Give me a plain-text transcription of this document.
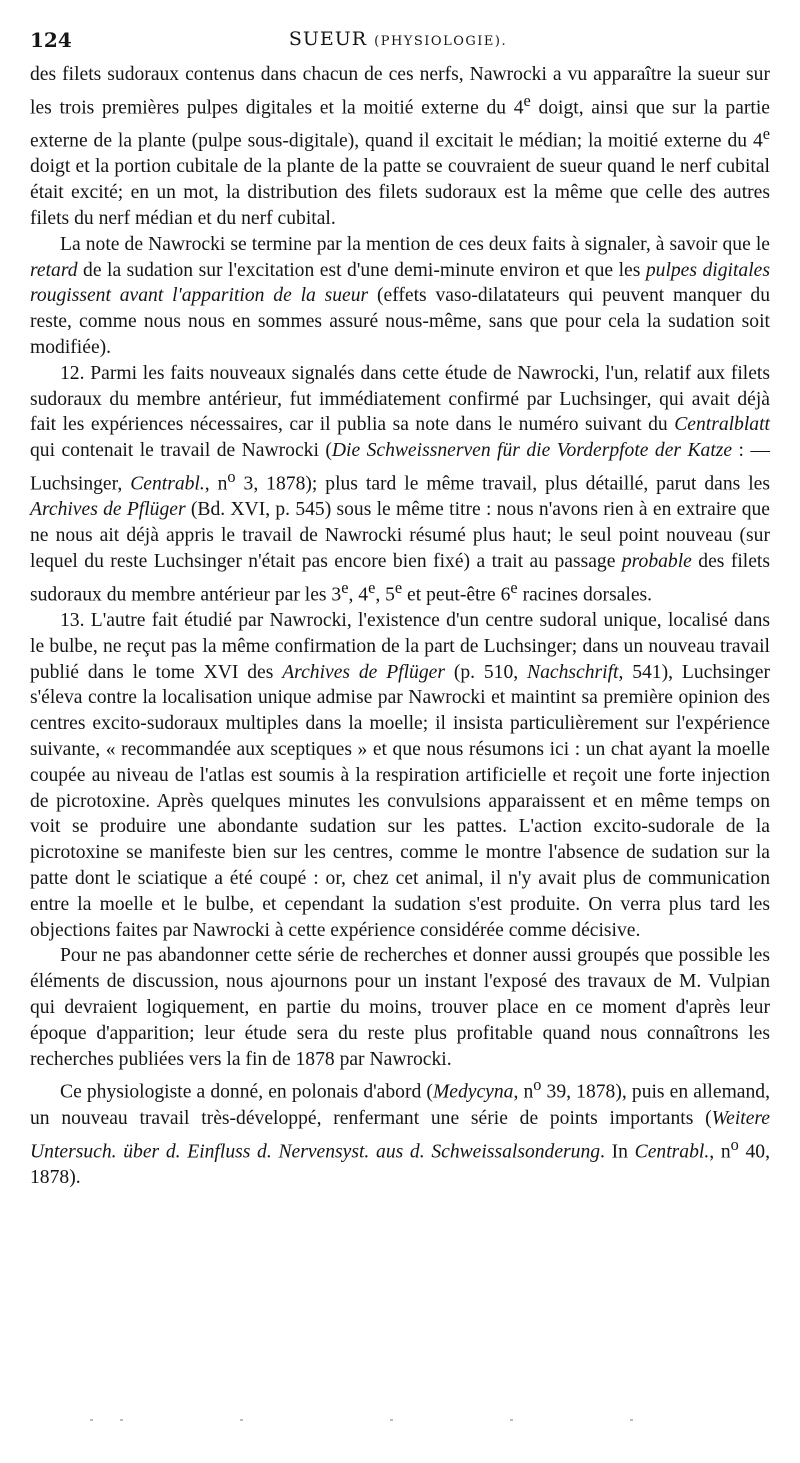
124	SUEUR (PHYSIOLOGIE).

des filets sudoraux contenus dans chacun de ces nerfs, Nawrocki a vu apparaître la sueur sur les trois premières pulpes digitales et la moitié externe du 4e doigt, ainsi que sur la partie externe de la plante (pulpe sous-digitale), quand il excitait le médian; la moitié externe du 4e doigt et la portion cubitale de la plante de la patte se couvraient de sueur quand le nerf cubital était excité; en un mot, la distribution des filets sudoraux est la même que celle des autres filets du nerf médian et du nerf cubital.

La note de Nawrocki se termine par la mention de ces deux faits à signaler, à savoir que le retard de la sudation sur l'excitation est d'une demi-minute environ et que les pulpes digitales rougissent avant l'apparition de la sueur (effets vaso-dilatateurs qui peuvent manquer du reste, comme nous nous en sommes assuré nous-même, sans que pour cela la sudation soit modifiée).

12. Parmi les faits nouveaux signalés dans cette étude de Nawrocki, l'un, relatif aux filets sudoraux du membre antérieur, fut immédiatement confirmé par Luchsinger, qui avait déjà fait les expériences nécessaires, car il publia sa note dans le numéro suivant du Centralblatt qui contenait le travail de Nawrocki (Die Schweissnerven für die Vorderpfote der Katze : — Luchsinger, Centrabl., $n^o$ 3, 1878); plus tard le même travail, plus détaillé, parut dans les Archives de Pflüger (Bd. XVI, p. 545) sous le même titre : nous n'avons rien à en extraire que ne nous ait déjà appris le travail de Nawrocki résumé plus haut; le seul point nouveau (sur lequel du reste Luchsinger n'était pas encore bien fixé) a trait au passage probable des filets sudoraux du membre antérieur par les 3e, 4e, 5e et peut-être 6e racines dorsales.

13. L'autre fait étudié par Nawrocki, l'existence d'un centre sudoral unique, localisé dans le bulbe, ne reçut pas la même confirmation de la part de Luchsinger; dans un nouveau travail publié dans le tome XVI des Archives de Pflüger (p. 510, Nachschrift, 541), Luchsinger s'éleva contre la localisation unique admise par Nawrocki et maintint sa première opinion des centres excito-sudoraux multiples dans la moelle; il insista particulièrement sur l'expérience suivante, « recommandée aux sceptiques » et que nous résumons ici : un chat ayant la moelle coupée au niveau de l'atlas est soumis à la respiration artificielle et reçoit une forte injection de picrotoxine. Après quelques minutes les convulsions apparaissent et en même temps on voit se produire une abondante sudation sur les pattes. L'action excito-sudorale de la picrotoxine se manifeste bien sur les centres, comme le montre l'absence de sudation sur la patte dont le sciatique a été coupé : or, chez cet animal, il n'y avait plus de communication entre la moelle et le bulbe, et cependant la sudation s'est produite. On verra plus tard les objections faites par Nawrocki à cette expérience considérée comme décisive.

Pour ne pas abandonner cette série de recherches et donner aussi groupés que possible les éléments de discussion, nous ajournons pour un instant l'exposé des travaux de M. Vulpian qui devraient logiquement, en partie du moins, trouver place en ce moment d'après leur époque d'apparition; leur étude sera du reste plus profitable quand nous connaîtrons les recherches publiées vers la fin de 1878 par Nawrocki.

Ce physiologiste a donné, en polonais d'abord (Medycyna, $n^o$ 39, 1878), puis en allemand, un nouveau travail très-développé, renfermant une série de points importants (Weitere Untersuch. über d. Einfluss d. Nervensyst. aus d. Schweissalsonderung. In Centrabl., $n^o$ 40, 1878).
